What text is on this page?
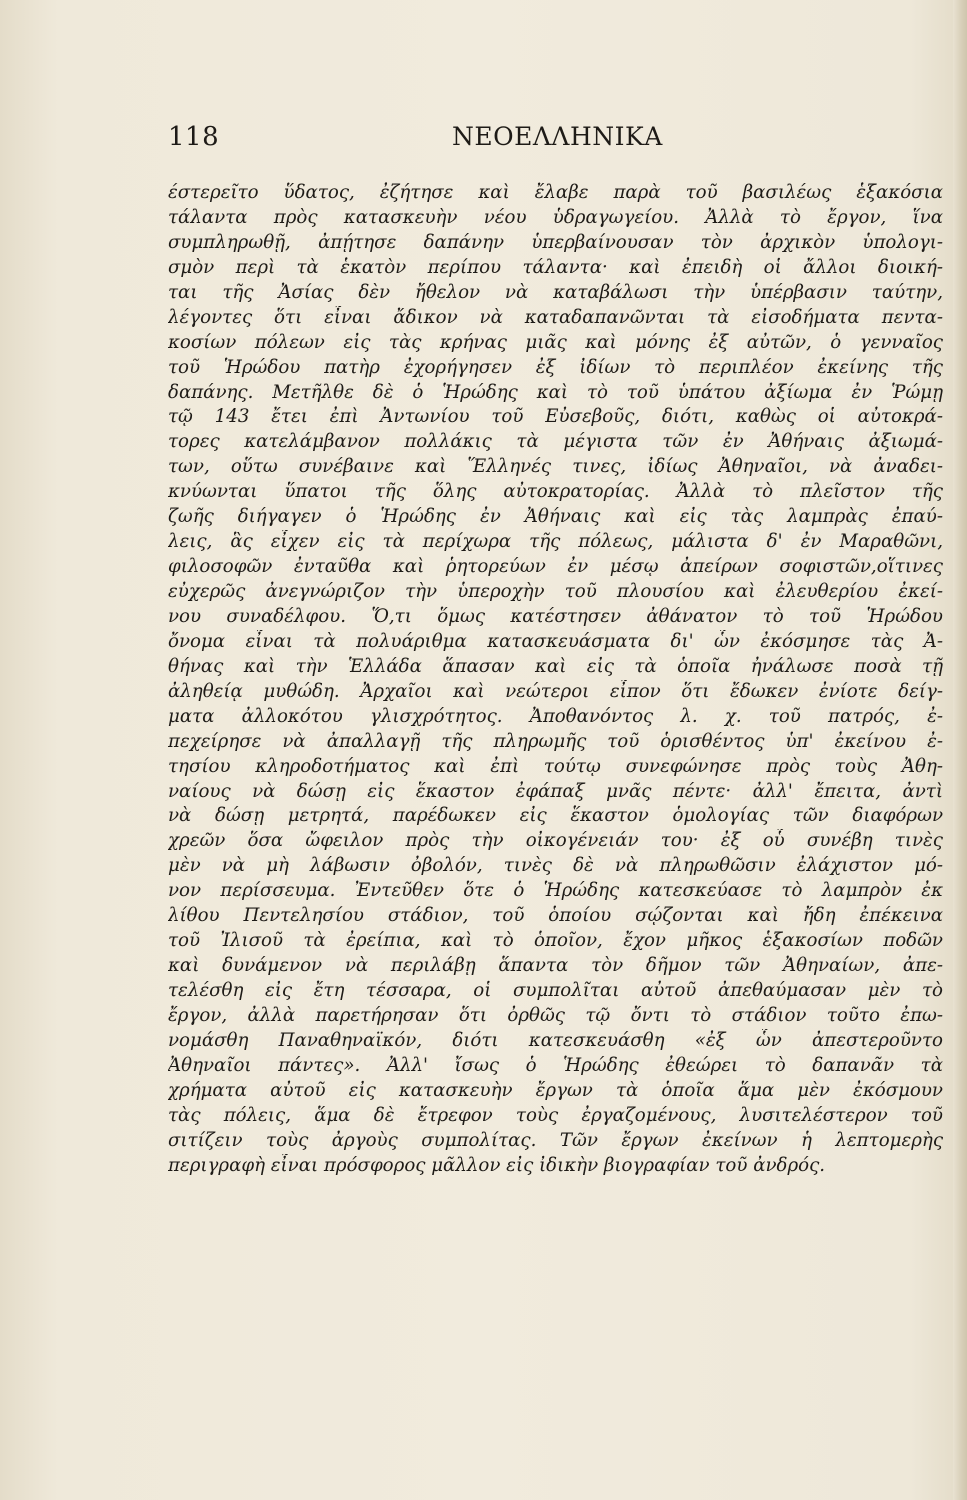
118	ΝΕΟΕΛΛΗΝΙΚΑ
έστερεῖτο ὕδατος, ἐζήτησε καὶ ἔλαβε παρὰ τοῦ βασιλέως ἑξακόσια
τάλαντα πρὸς κατασκευὴν νέου ὑδραγωγείου. Ἀλλὰ τὸ ἔργον, ἵνα
συμπληρωθῇ, ἀπῄτησε δαπάνην ὑπερβαίνουσαν τὸν ἀρχικὸν ὑπολογι-
σμὸν περὶ τὰ ἑκατὸν περίπου τάλαντα· καὶ ἐπειδὴ οἱ ἄλλοι διοική-
ται τῆς Ἀσίας δὲν ἤθελον νὰ καταβάλωσι τὴν ὑπέρβασιν ταύτην,
λέγοντες ὅτι εἶναι ἄδικον νὰ καταδαπανῶνται τὰ εἰσοδήματα πεντα-
κοσίων πόλεων εἰς τὰς κρήνας μιᾶς καὶ μόνης ἐξ αὐτῶν, ὁ γενναῖος
τοῦ Ἡρώδου πατὴρ ἐχορήγησεν ἐξ ἰδίων τὸ περιπλέον ἐκείνης τῆς
δαπάνης. Μετῆλθε δὲ ὁ Ἡρώδης καὶ τὸ τοῦ ὑπάτου ἀξίωμα ἐν Ῥώμῃ
τῷ 143 ἔτει ἐπὶ Ἀντωνίου τοῦ Εὐσεβοῦς, διότι, καθὼς οἱ αὐτοκρά-
τορες κατελάμβανον πολλάκις τὰ μέγιστα τῶν ἐν Ἀθήναις ἀξιωμά-
των, οὕτω συνέβαινε καὶ Ἕλληνές τινες, ἰδίως Ἀθηναῖοι, νὰ ἀναδει-
κνύωνται ὕπατοι τῆς ὅλης αὐτοκρατορίας. Ἀλλὰ τὸ πλεῖστον τῆς
ζωῆς διήγαγεν ὁ Ἡρώδης ἐν Ἀθήναις καὶ εἰς τὰς λαμπρὰς ἐπαύ-
λεις, ἃς εἶχεν εἰς τὰ περίχωρα τῆς πόλεως, μάλιστα δ' ἐν Μαραθῶνι,
φιλοσοφῶν ἐνταῦθα καὶ ῥητορεύων ἐν μέσῳ ἀπείρων σοφιστῶν,οἵτινες
εὐχερῶς ἀνεγνώριζον τὴν ὑπεροχὴν τοῦ πλουσίου καὶ ἐλευθερίου ἐκεί-
νου συναδέλφου. Ὅ,τι ὅμως κατέστησεν ἀθάνατον τὸ τοῦ Ἡρώδου
ὄνομα εἶναι τὰ πολυάριθμα κατασκευάσματα δι' ὧν ἐκόσμησε τὰς Ἀ-
θήνας καὶ τὴν Ἑλλάδα ἅπασαν καὶ εἰς τὰ ὁποῖα ἠνάλωσε ποσὰ τῇ
ἀληθείᾳ μυθώδη. Ἀρχαῖοι καὶ νεώτεροι εἶπον ὅτι ἔδωκεν ἐνίοτε δείγ-
ματα ἀλλοκότου γλισχρότητος. Ἀποθανόντος λ. χ. τοῦ πατρός, ἐ-
πεχείρησε νὰ ἀπαλλαγῇ τῆς πληρωμῆς τοῦ ὁρισθέντος ὑπ' ἐκείνου ἐ-
τησίου κληροδοτήματος καὶ ἐπὶ τούτῳ συνεφώνησε πρὸς τοὺς Ἀθη-
ναίους νὰ δώσῃ εἰς ἕκαστον ἐφάπαξ μνᾶς πέντε· ἀλλ' ἔπειτα, ἀντὶ
νὰ δώσῃ μετρητά, παρέδωκεν εἰς ἕκαστον ὁμολογίας τῶν διαφόρων
χρεῶν ὅσα ὤφειλον πρὸς τὴν οἰκογένειάν του· ἐξ οὗ συνέβη τινὲς
μὲν νὰ μὴ λάβωσιν ὀβολόν, τινὲς δὲ νὰ πληρωθῶσιν ἐλάχιστον μό-
νον περίσσευμα. Ἐντεῦθεν ὅτε ὁ Ἡρώδης κατεσκεύασε τὸ λαμπρὸν ἐκ
λίθου Πεντελησίου στάδιον, τοῦ ὁποίου σῴζονται καὶ ἤδη ἐπέκεινα
τοῦ Ἰλισοῦ τὰ ἐρείπια, καὶ τὸ ὁποῖον, ἔχον μῆκος ἑξακοσίων ποδῶν
καὶ δυνάμενον νὰ περιλάβῃ ἅπαντα τὸν δῆμον τῶν Ἀθηναίων, ἀπε-
τελέσθη εἰς ἔτη τέσσαρα, οἱ συμπολῖται αὐτοῦ ἀπεθαύμασαν μὲν τὸ
ἔργον, ἀλλὰ παρετήρησαν ὅτι ὀρθῶς τῷ ὄντι τὸ στάδιον τοῦτο ἐπω-
νομάσθη Παναθηναϊκόν, διότι κατεσκευάσθη «ἐξ ὧν ἀπεστεροῦντο
Ἀθηναῖοι πάντες». Ἀλλ' ἴσως ὁ Ἡρώδης ἐθεώρει τὸ δαπανᾶν τὰ
χρήματα αὐτοῦ εἰς κατασκευὴν ἔργων τὰ ὁποῖα ἅμα μὲν ἐκόσμουν
τὰς πόλεις, ἅμα δὲ ἔτρεφον τοὺς ἐργαζομένους, λυσιτελέστερον τοῦ
σιτίζειν τοὺς ἀργοὺς συμπολίτας. Τῶν ἔργων ἐκείνων ἡ λεπτομερὴς
περιγραφὴ εἶναι πρόσφορος μᾶλλον εἰς ἰδικὴν βιογραφίαν τοῦ ἀνδρός.
